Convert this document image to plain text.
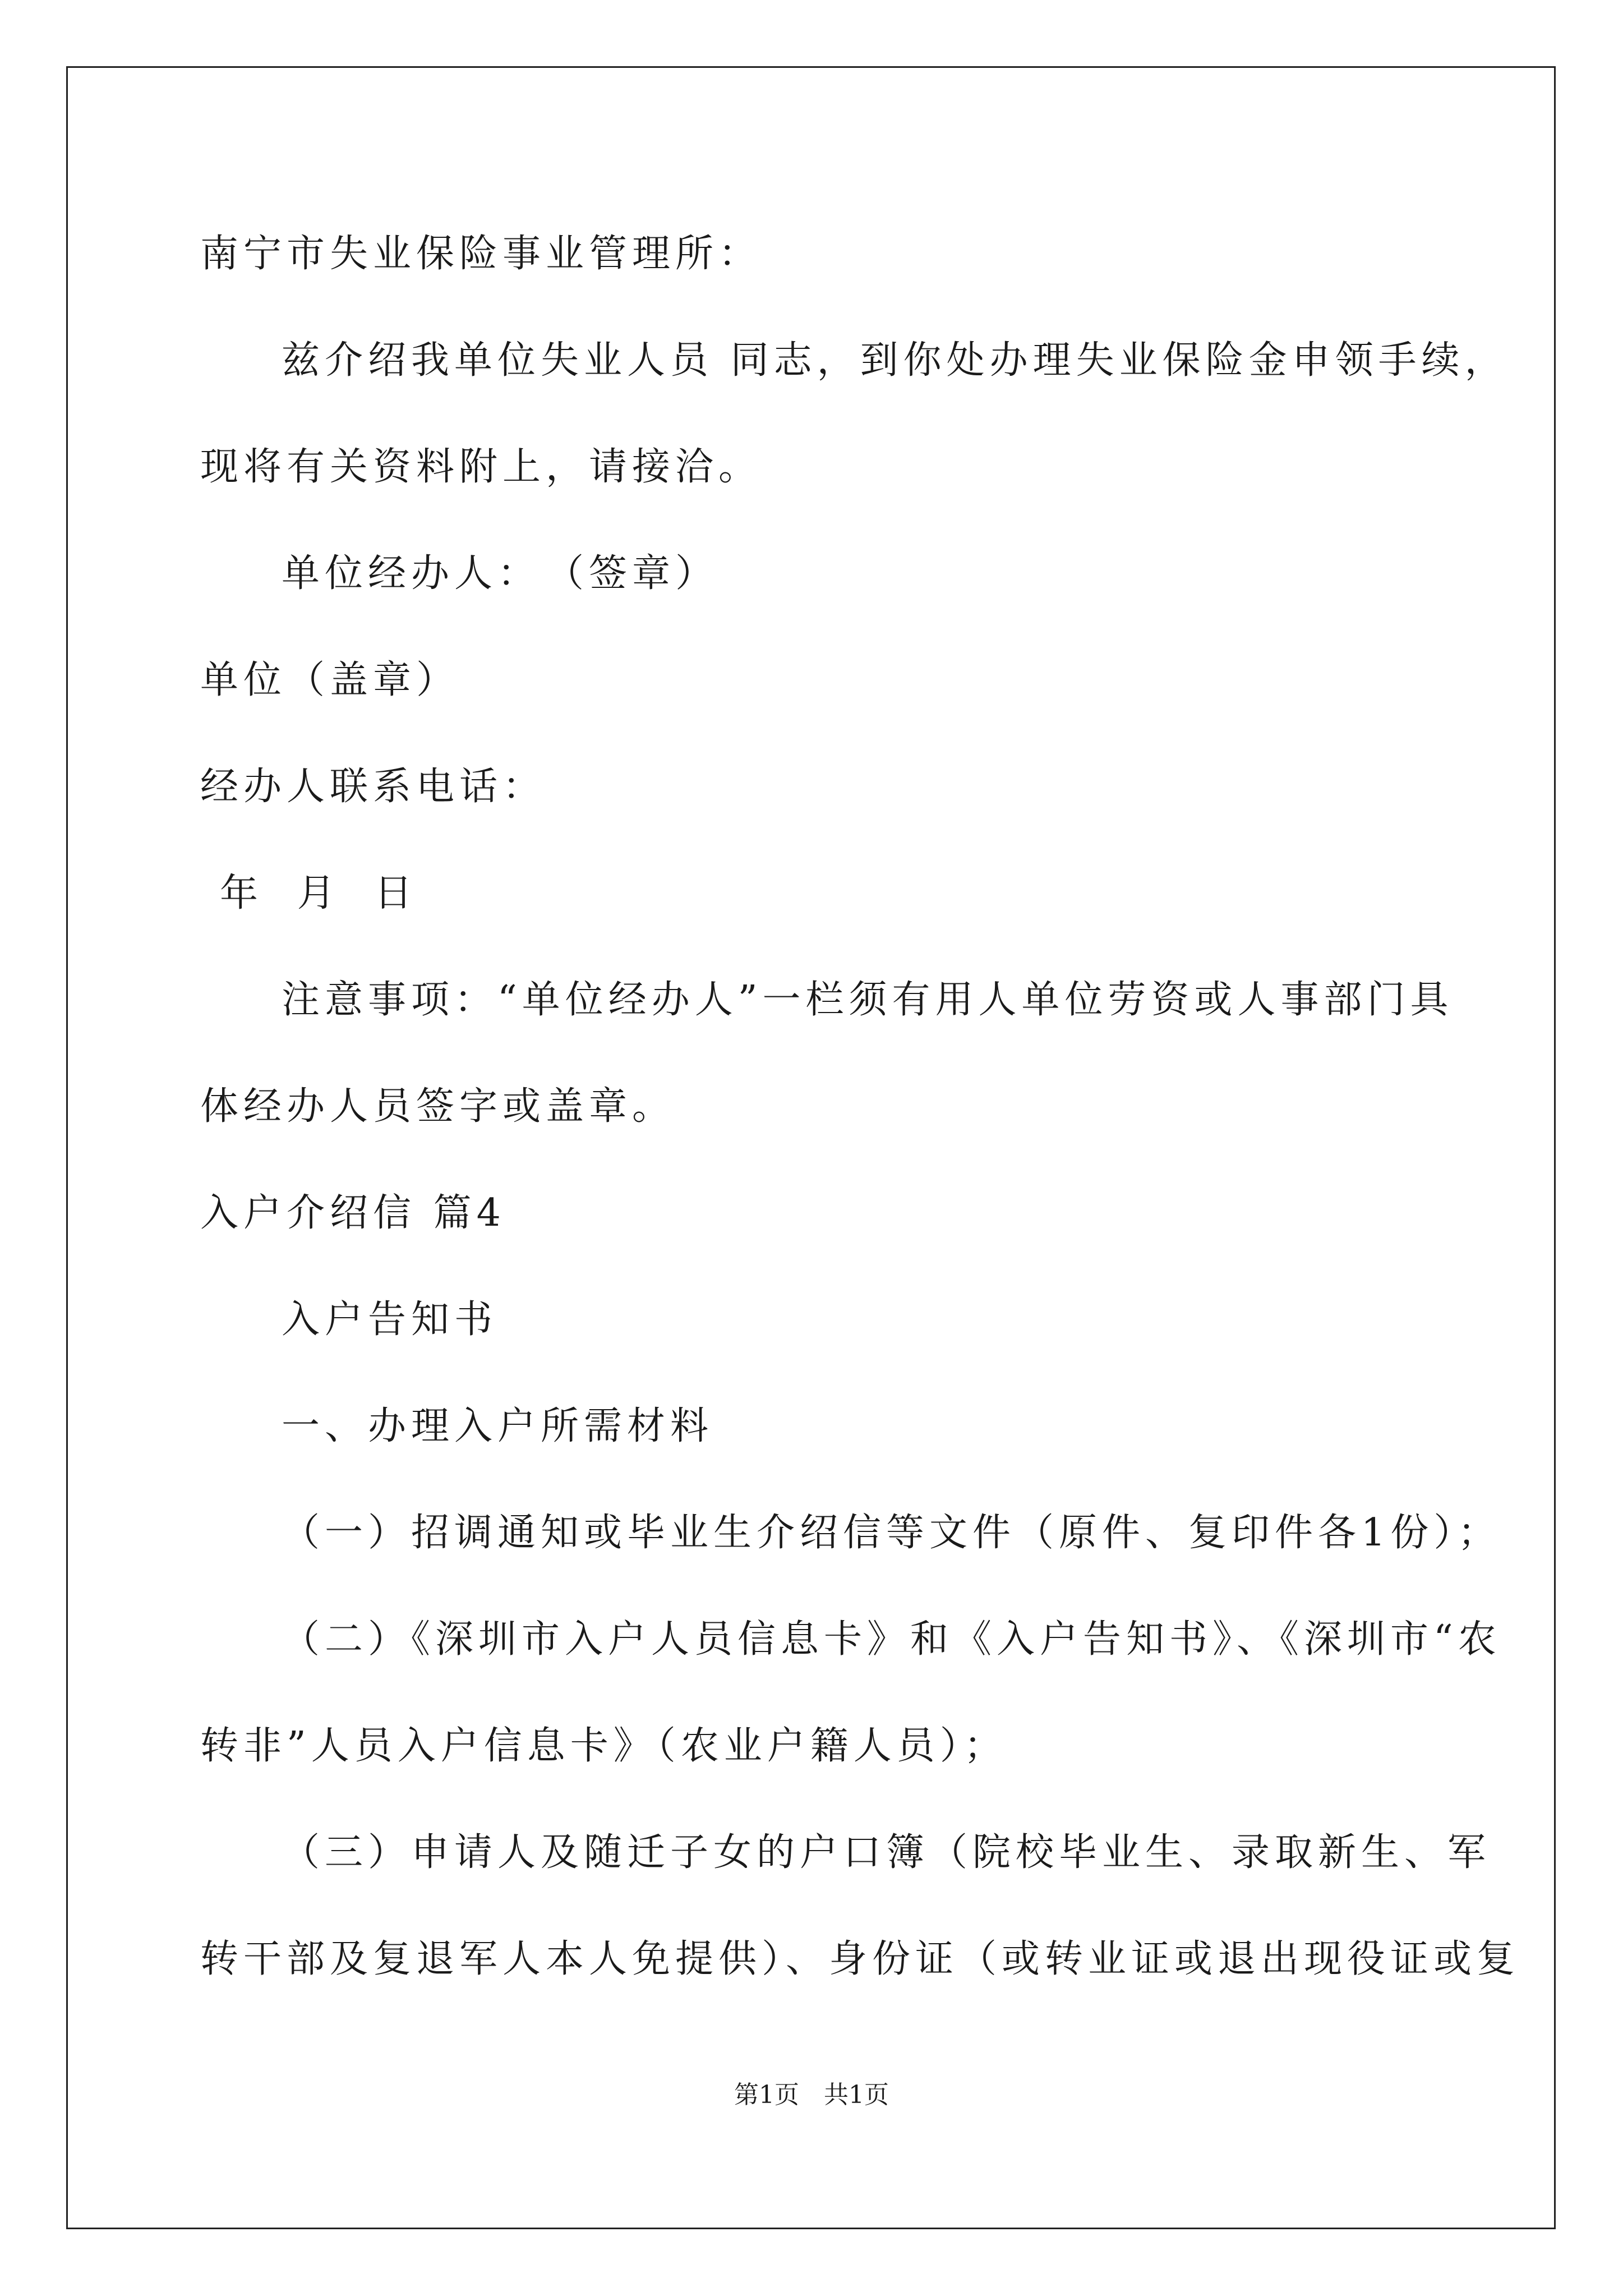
南宁市失业保险事业管理所：
兹介绍我单位失业人员 同志，到你处办理失业保险金申领手续，
现将有关资料附上，请接洽。
单位经办人：　（签章）
单位（盖章）
经办人联系电话：
年 月 日
注意事项：“单位经办人”一栏须有用人单位劳资或人事部门具
体经办人员签字或盖章。
入户介绍信 篇4
入户告知书
一、办理入户所需材料
（一）招调通知或毕业生介绍信等文件（原件、复印件各1份）；
（二）《深圳市入户人员信息卡》和《入户告知书》、《深圳市“农
转非”人员入户信息卡》（农业户籍人员）；
（三）申请人及随迁子女的户口簿（院校毕业生、录取新生、军
转干部及复退军人本人免提供）、身份证（或转业证或退出现役证或复
第1页　共1页
